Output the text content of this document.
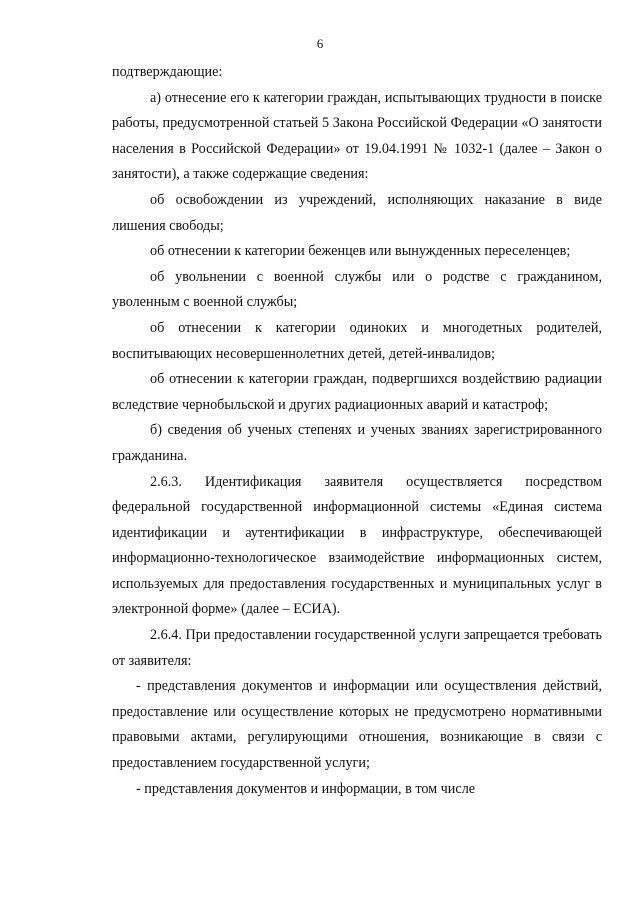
6

подтверждающие:

а) отнесение его к категории граждан, испытывающих трудности в поиске работы, предусмотренной статьей 5 Закона Российской Федерации «О занятости населения в Российской Федерации» от 19.04.1991 № 1032-1 (далее – Закон о занятости), а также содержащие сведения:

об освобождении из учреждений, исполняющих наказание в виде лишения свободы;

об отнесении к категории беженцев или вынужденных переселенцев;

об увольнении с военной службы или о родстве с гражданином, уволенным с военной службы;

об отнесении к категории одиноких и многодетных родителей, воспитывающих несовершеннолетних детей, детей-инвалидов;

об отнесении к категории граждан, подвергшихся воздействию радиации вследствие чернобыльской и других радиационных аварий и катастроф;

б) сведения об ученых степенях и ученых званиях зарегистрированного гражданина.

2.6.3. Идентификация заявителя осуществляется посредством федеральной государственной информационной системы «Единая система идентификации и аутентификации в инфраструктуре, обеспечивающей информационно-технологическое взаимодействие информационных систем, используемых для предоставления государственных и муниципальных услуг в электронной форме» (далее – ЕСИА).

2.6.4. При предоставлении государственной услуги запрещается требовать от заявителя:

- представления документов и информации или осуществления действий, предоставление или осуществление которых не предусмотрено нормативными правовыми актами, регулирующими отношения, возникающие в связи с предоставлением государственной услуги;

- представления документов и информации, в том числе
